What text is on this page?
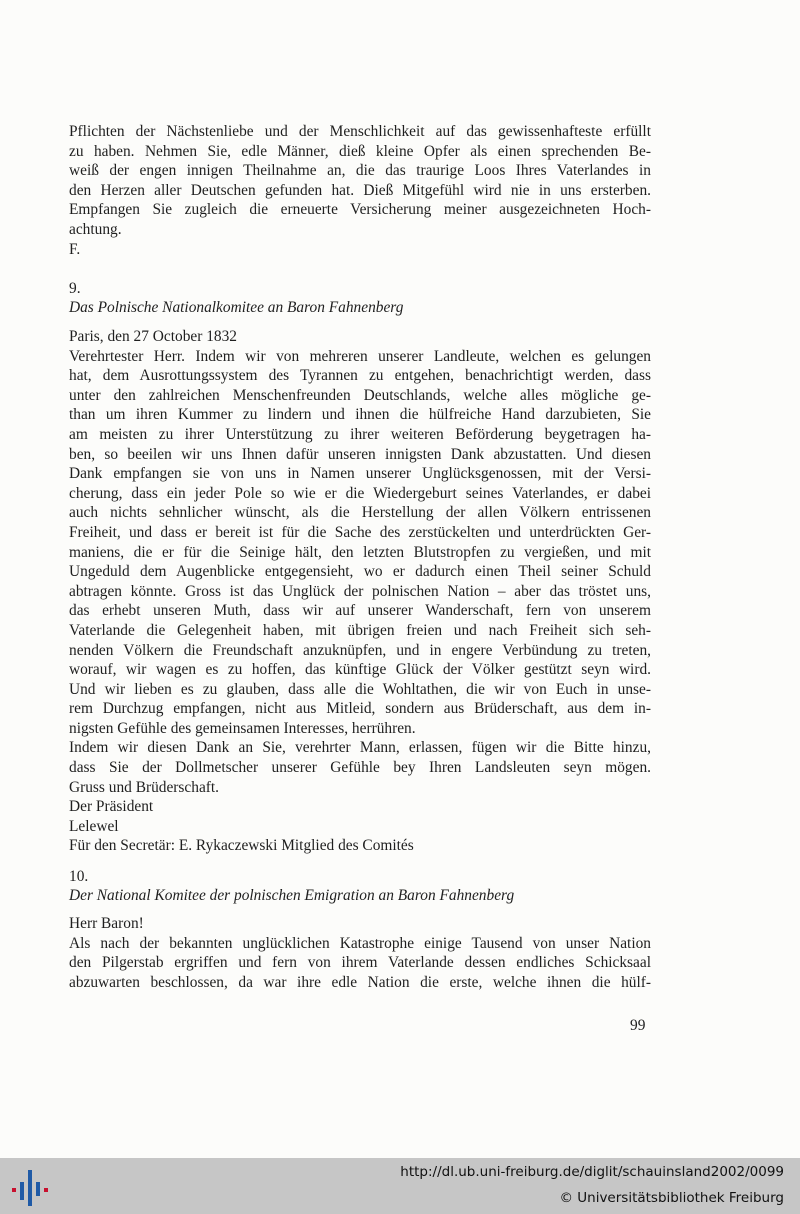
Pflichten der Nächstenliebe und der Menschlichkeit auf das gewissenhafteste erfüllt
zu haben. Nehmen Sie, edle Männer, dieß kleine Opfer als einen sprechenden Be-
weiß der engen innigen Theilnahme an, die das traurige Loos Ihres Vaterlandes in
den Herzen aller Deutschen gefunden hat. Dieß Mitgefühl wird nie in uns ersterben.
Empfangen Sie zugleich die erneuerte Versicherung meiner ausgezeichneten Hoch-
achtung.
F.
9.
Das Polnische Nationalkomitee an Baron Fahnenberg
Paris, den 27 October 1832
Verehrtester Herr. Indem wir von mehreren unserer Landleute, welchen es gelungen
hat, dem Ausrottungssystem des Tyrannen zu entgehen, benachrichtigt werden, dass
unter den zahlreichen Menschenfreunden Deutschlands, welche alles mögliche ge-
than um ihren Kummer zu lindern und ihnen die hülfreiche Hand darzubieten, Sie
am meisten zu ihrer Unterstützung zu ihrer weiteren Beförderung beygetragen ha-
ben, so beeilen wir uns Ihnen dafür unseren innigsten Dank abzustatten. Und diesen
Dank empfangen sie von uns in Namen unserer Unglücksgenossen, mit der Versi-
cherung, dass ein jeder Pole so wie er die Wiedergeburt seines Vaterlandes, er dabei
auch nichts sehnlicher wünscht, als die Herstellung der allen Völkern entrissenen
Freiheit, und dass er bereit ist für die Sache des zerstückelten und unterdrückten Ger-
maniens, die er für die Seinige hält, den letzten Blutstropfen zu vergießen, und mit
Ungeduld dem Augenblicke entgegensieht, wo er dadurch einen Theil seiner Schuld
abtragen könnte. Gross ist das Unglück der polnischen Nation – aber das tröstet uns,
das erhebt unseren Muth, dass wir auf unserer Wanderschaft, fern von unserem
Vaterlande die Gelegenheit haben, mit übrigen freien und nach Freiheit sich seh-
nenden Völkern die Freundschaft anzuknüpfen, und in engere Verbündung zu treten,
worauf, wir wagen es zu hoffen, das künftige Glück der Völker gestützt seyn wird.
Und wir lieben es zu glauben, dass alle die Wohltathen, die wir von Euch in unse-
rem Durchzug empfangen, nicht aus Mitleid, sondern aus Brüderschaft, aus dem in-
nigsten Gefühle des gemeinsamen Interesses, herrühren.
Indem wir diesen Dank an Sie, verehrter Mann, erlassen, fügen wir die Bitte hinzu,
dass Sie der Dollmetscher unserer Gefühle bey Ihren Landsleuten seyn mögen.
Gruss und Brüderschaft.
Der Präsident
Lelewel
Für den Secretär: E. Rykaczewski Mitglied des Comités
10.
Der National Komitee der polnischen Emigration an Baron Fahnenberg
Herr Baron!
Als nach der bekannten unglücklichen Katastrophe einige Tausend von unser Nation
den Pilgerstab ergriffen und fern von ihrem Vaterlande dessen endliches Schicksaal
abzuwarten beschlossen, da war ihre edle Nation die erste, welche ihnen die hülf-
99
http://dl.ub.uni-freiburg.de/diglit/schauinsland2002/0099
© Universitätsbibliothek Freiburg
